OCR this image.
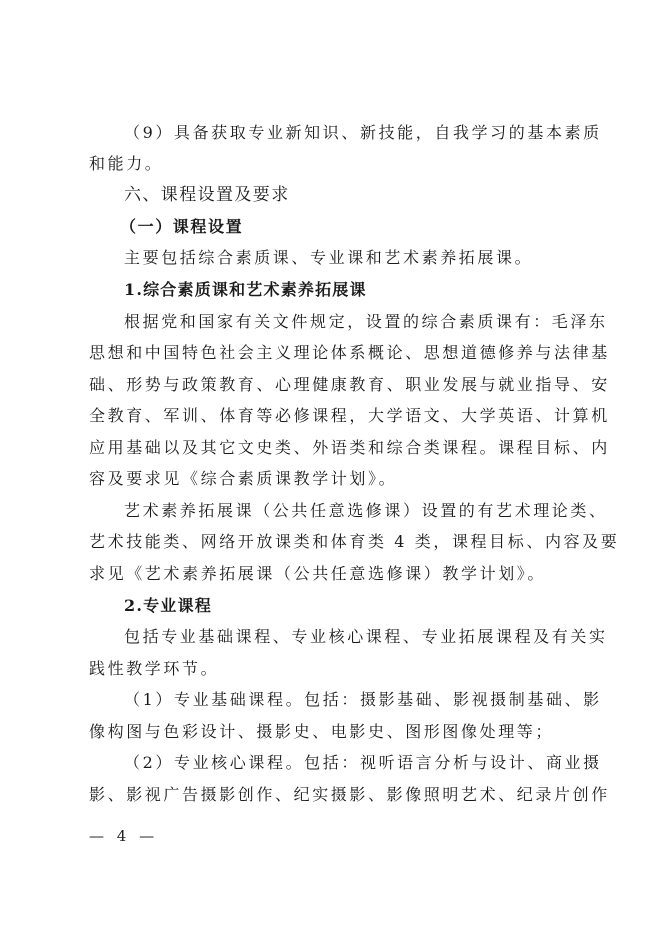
（9）具备获取专业新知识、新技能，自我学习的基本素质
和能力。
六、课程设置及要求
（一）课程设置
主要包括综合素质课、专业课和艺术素养拓展课。
1.综合素质课和艺术素养拓展课
根据党和国家有关文件规定，设置的综合素质课有：毛泽东
思想和中国特色社会主义理论体系概论、思想道德修养与法律基
础、形势与政策教育、心理健康教育、职业发展与就业指导、安
全教育、军训、体育等必修课程，大学语文、大学英语、计算机
应用基础以及其它文史类、外语类和综合类课程。课程目标、内
容及要求见《综合素质课教学计划》。
艺术素养拓展课（公共任意选修课）设置的有艺术理论类、
艺术技能类、网络开放课类和体育类 4 类，课程目标、内容及要
求见《艺术素养拓展课（公共任意选修课）教学计划》。
2.专业课程
包括专业基础课程、专业核心课程、专业拓展课程及有关实
践性教学环节。
（1）专业基础课程。包括：摄影基础、影视摄制基础、影
像构图与色彩设计、摄影史、电影史、图形图像处理等；
（2）专业核心课程。包括：视听语言分析与设计、商业摄
影、影视广告摄影创作、纪实摄影、影像照明艺术、纪录片创作
— 4 —
